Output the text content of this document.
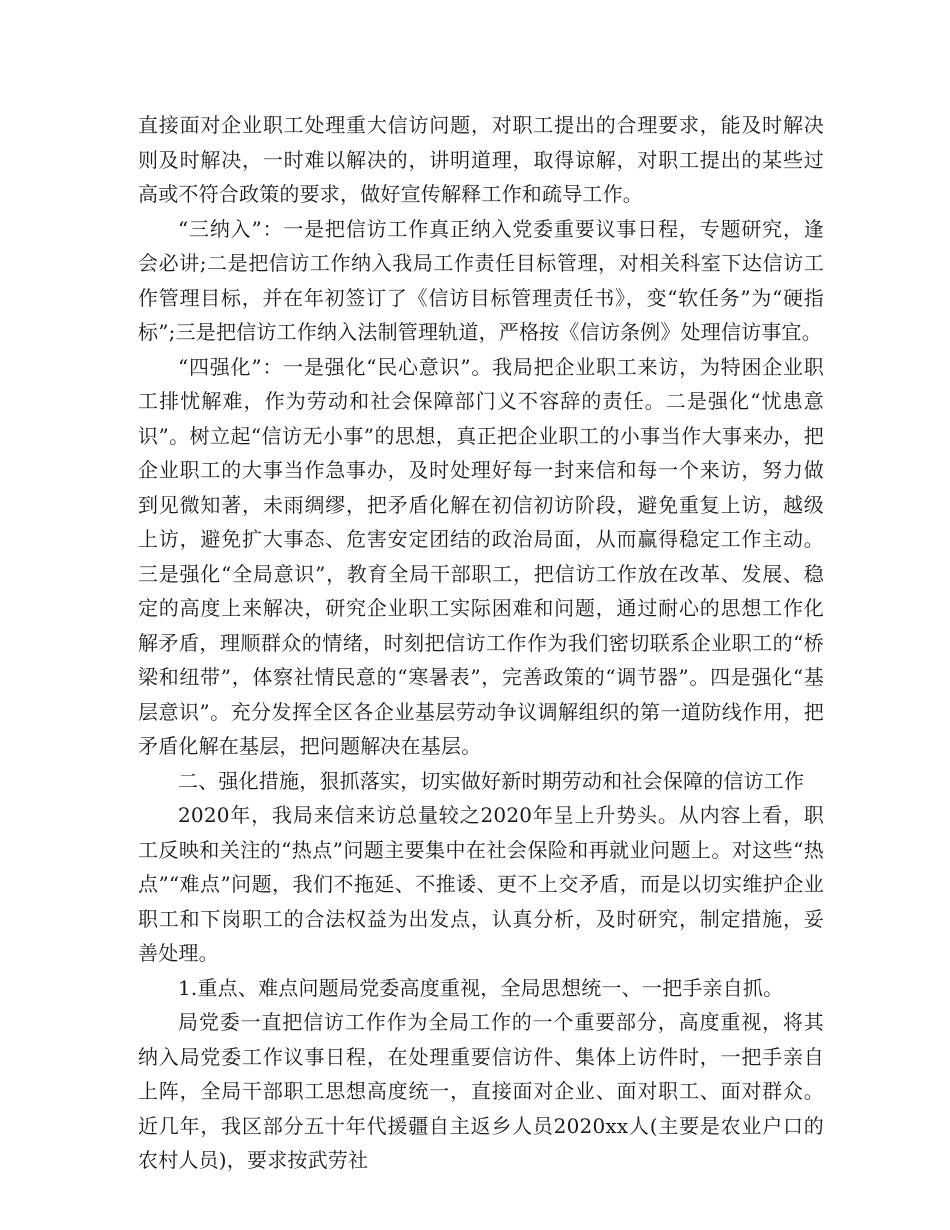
直接面对企业职工处理重大信访问题，对职工提出的合理要求，能及时解决则及时解决，一时难以解决的，讲明道理，取得谅解，对职工提出的某些过高或不符合政策的要求，做好宣传解释工作和疏导工作。

“三纳入”：一是把信访工作真正纳入党委重要议事日程，专题研究，逢会必讲;二是把信访工作纳入我局工作责任目标管理，对相关科室下达信访工作管理目标，并在年初签订了《信访目标管理责任书》，变“软任务”为“硬指标”;三是把信访工作纳入法制管理轨道，严格按《信访条例》处理信访事宜。

“四强化”：一是强化“民心意识”。我局把企业职工来访，为特困企业职工排忧解难，作为劳动和社会保障部门义不容辞的责任。二是强化“忧患意识”。树立起“信访无小事”的思想，真正把企业职工的小事当作大事来办，把企业职工的大事当作急事办，及时处理好每一封来信和每一个来访，努力做到见微知著，未雨绸缪，把矛盾化解在初信初访阶段，避免重复上访，越级上访，避免扩大事态、危害安定团结的政治局面，从而赢得稳定工作主动。三是强化“全局意识”，教育全局干部职工，把信访工作放在改革、发展、稳定的高度上来解决，研究企业职工实际困难和问题，通过耐心的思想工作化解矛盾，理顺群众的情绪，时刻把信访工作作为我们密切联系企业职工的“桥梁和纽带”，体察社情民意的“寒暑表”，完善政策的“调节器”。四是强化“基层意识”。充分发挥全区各企业基层劳动争议调解组织的第一道防线作用，把矛盾化解在基层，把问题解决在基层。

二、强化措施，狠抓落实，切实做好新时期劳动和社会保障的信访工作

2020年，我局来信来访总量较之2020年呈上升势头。从内容上看，职工反映和关注的“热点”问题主要集中在社会保险和再就业问题上。对这些“热点”“难点”问题，我们不拖延、不推诿、更不上交矛盾，而是以切实维护企业职工和下岗职工的合法权益为出发点，认真分析，及时研究，制定措施，妥善处理。

1.重点、难点问题局党委高度重视，全局思想统一、一把手亲自抓。

局党委一直把信访工作作为全局工作的一个重要部分，高度重视，将其纳入局党委工作议事日程，在处理重要信访件、集体上访件时，一把手亲自上阵，全局干部职工思想高度统一，直接面对企业、面对职工、面对群众。近几年，我区部分五十年代援疆自主返乡人员2020xx人(主要是农业户口的农村人员)，要求按武劳社
